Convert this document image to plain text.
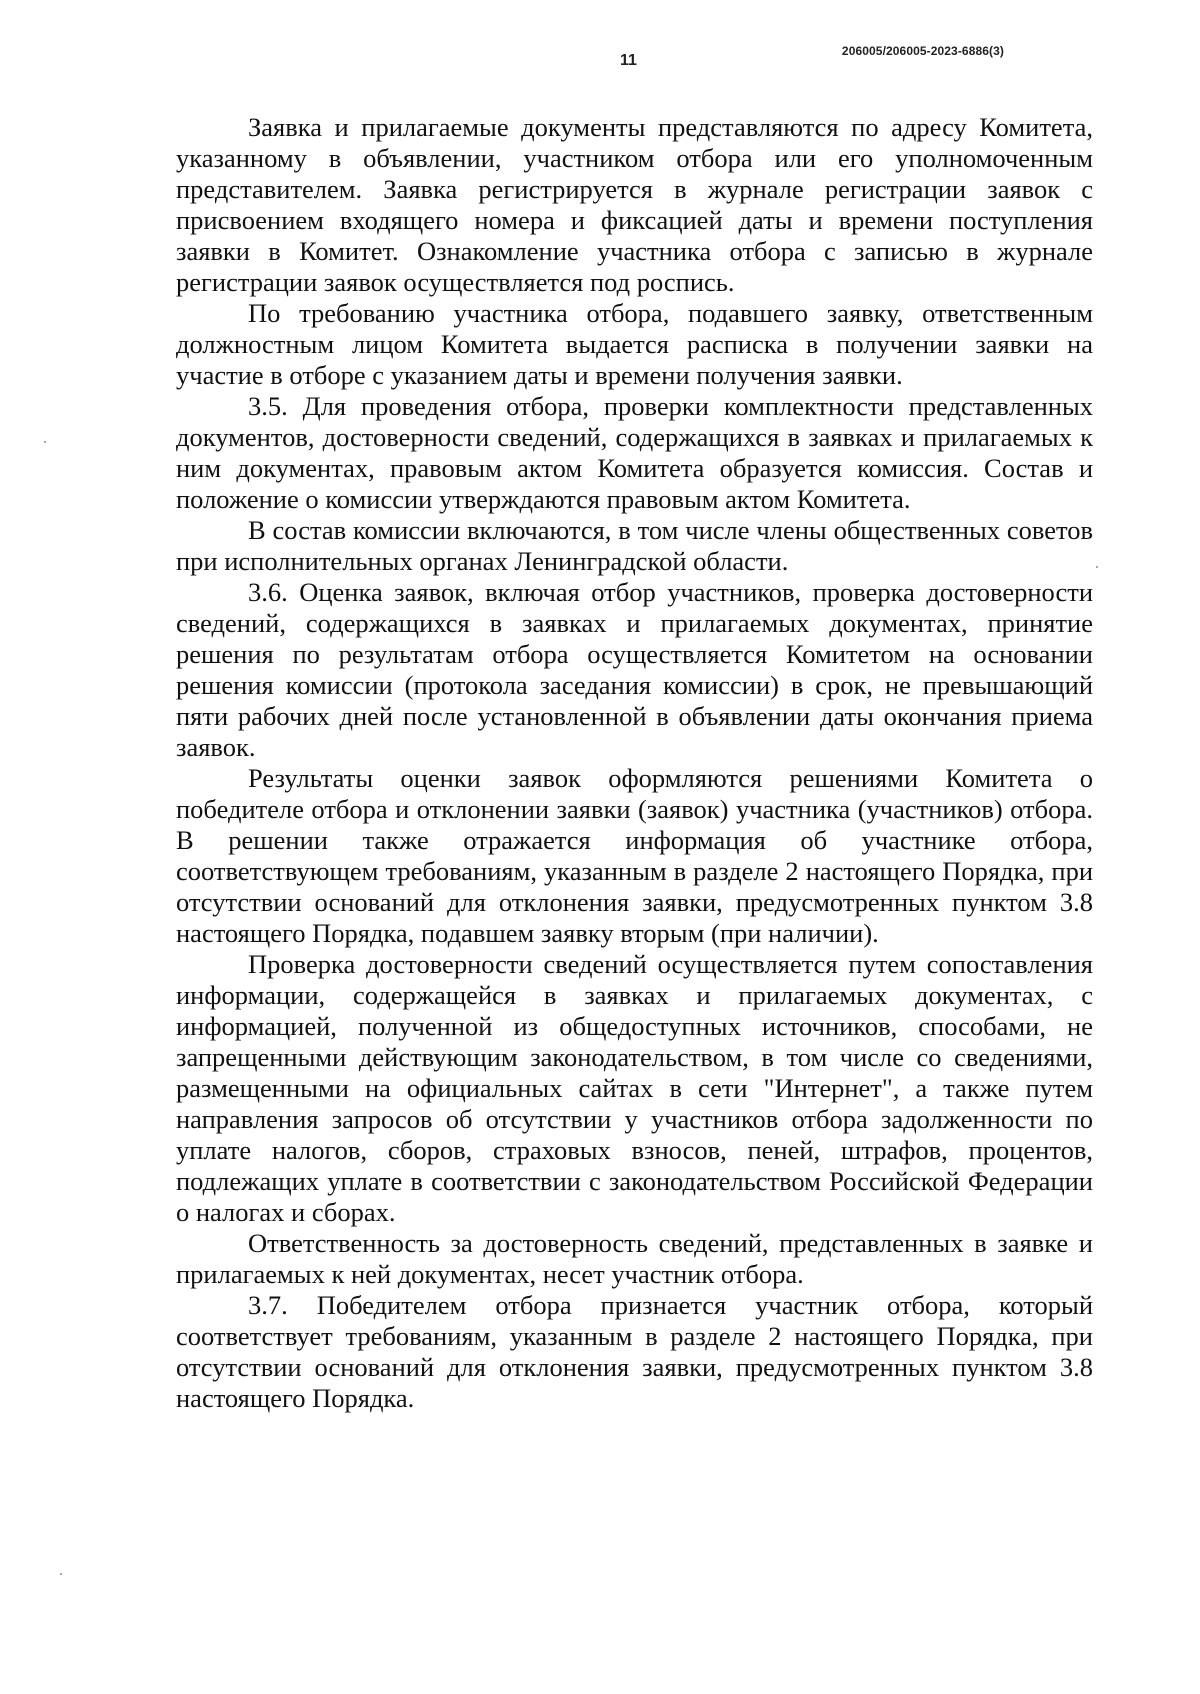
11
206005/206005-2023-6886(3)

Заявка и прилагаемые документы представляются по адресу Комитета, указанному в объявлении, участником отбора или его уполномоченным представителем. Заявка регистрируется в журнале регистрации заявок с присвоением входящего номера и фиксацией даты и времени поступления заявки в Комитет. Ознакомление участника отбора с записью в журнале регистрации заявок осуществляется под роспись.

По требованию участника отбора, подавшего заявку, ответственным должностным лицом Комитета выдается расписка в получении заявки на участие в отборе с указанием даты и времени получения заявки.

3.5. Для проведения отбора, проверки комплектности представленных документов, достоверности сведений, содержащихся в заявках и прилагаемых к ним документах, правовым актом Комитета образуется комиссия. Состав и положение о комиссии утверждаются правовым актом Комитета.

В состав комиссии включаются, в том числе члены общественных советов при исполнительных органах Ленинградской области.

3.6. Оценка заявок, включая отбор участников, проверка достоверности сведений, содержащихся в заявках и прилагаемых документах, принятие решения по результатам отбора осуществляется Комитетом на основании решения комиссии (протокола заседания комиссии) в срок, не превышающий пяти рабочих дней после установленной в объявлении даты окончания приема заявок.

Результаты оценки заявок оформляются решениями Комитета о победителе отбора и отклонении заявки (заявок) участника (участников) отбора. В решении также отражается информация об участнике отбора, соответствующем требованиям, указанным в разделе 2 настоящего Порядка, при отсутствии оснований для отклонения заявки, предусмотренных пунктом 3.8 настоящего Порядка, подавшем заявку вторым (при наличии).

Проверка достоверности сведений осуществляется путем сопоставления информации, содержащейся в заявках и прилагаемых документах, с информацией, полученной из общедоступных источников, способами, не запрещенными действующим законодательством, в том числе со сведениями, размещенными на официальных сайтах в сети "Интернет", а также путем направления запросов об отсутствии у участников отбора задолженности по уплате налогов, сборов, страховых взносов, пеней, штрафов, процентов, подлежащих уплате в соответствии с законодательством Российской Федерации о налогах и сборах.

Ответственность за достоверность сведений, представленных в заявке и прилагаемых к ней документах, несет участник отбора.

3.7. Победителем отбора признается участник отбора, который соответствует требованиям, указанным в разделе 2 настоящего Порядка, при отсутствии оснований для отклонения заявки, предусмотренных пунктом 3.8 настоящего Порядка.
